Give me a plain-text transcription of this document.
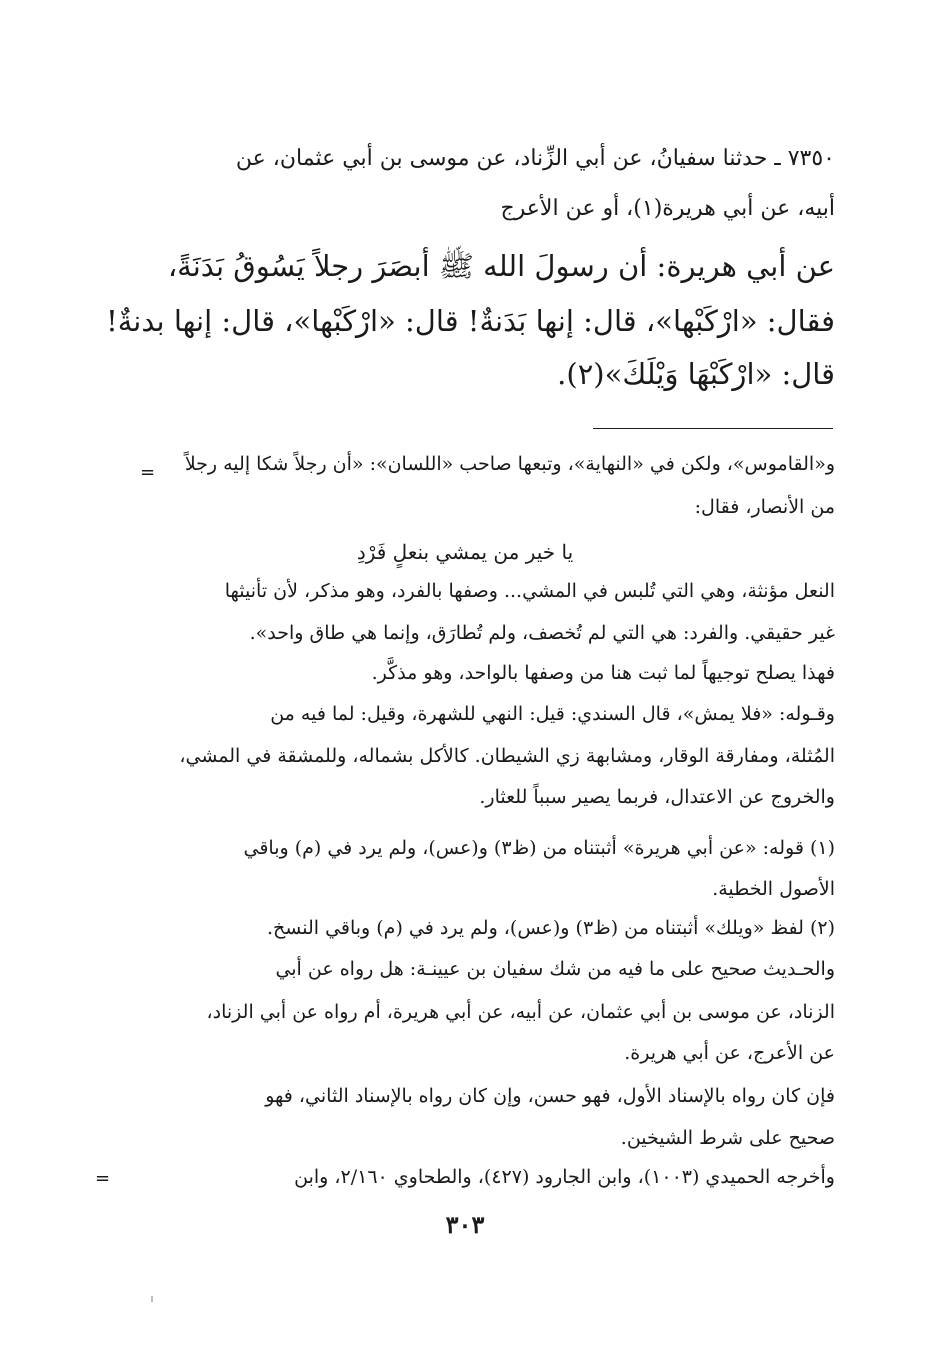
٧٣٥٠ ـ حدثنا سفيانُ، عن أبي الزِّناد، عن موسى بن أبي عثمان، عن
أبيه، عن أبي هريرة(١)، أو عن الأعرج
عن أبي هريرة: أن رسولَ الله ﷺ أبصَرَ رجلاً يَسُوقُ بَدَنَةً،
فقال: «ارْكَبْها»، قال: إنها بَدَنةٌ! قال: «ارْكَبْها»، قال: إنها بدنةٌ!
قال: «ارْكَبْهَا وَيْلَكَ»(٢).
= و«القاموس»، ولكن في «النهاية»، وتبعها صاحب «اللسان»: «أن رجلاً شكا إليه رجلاً
من الأنصار، فقال:
يا خير من يمشي بنعلٍ فَرْدِ
النعل مؤنثة، وهي التي تُلبس في المشي... وصفها بالفرد، وهو مذكر، لأن تأنيثها
غير حقيقي. والفرد: هي التي لم تُخصف، ولم تُطارَق، وإنما هي طاق واحد».
فهذا يصلح توجيهاً لما ثبت هنا من وصفها بالواحد، وهو مذكَّر.
وقـوله: «فلا يمش»، قال السندي: قيل: النهي للشهرة، وقيل: لما فيه من
المُثلة، ومفارقة الوقار، ومشابهة زي الشيطان. كالأكل بشماله، وللمشقة في المشي،
والخروج عن الاعتدال، فربما يصير سبباً للعثار.
(١) قوله: «عن أبي هريرة» أثبتناه من (ظ٣) و(عس)، ولم يرد في (م) وباقي
الأصول الخطية.
(٢) لفظ «ويلك» أثبتناه من (ظ٣) و(عس)، ولم يرد في (م) وباقي النسخ.
والحـديث صحيح على ما فيه من شك سفيان بن عيينـة: هل رواه عن أبي
الزناد، عن موسى بن أبي عثمان، عن أبيه، عن أبي هريرة، أم رواه عن أبي الزناد،
عن الأعرج، عن أبي هريرة.
فإن كان رواه بالإسناد الأول، فهو حسن، وإن كان رواه بالإسناد الثاني، فهو
صحيح على شرط الشيخين.
وأخرجه الحميدي (١٠٠٣)، وابن الجارود (٤٢٧)، والطحاوي ٢/١٦٠، وابن
=
٣٠٣
